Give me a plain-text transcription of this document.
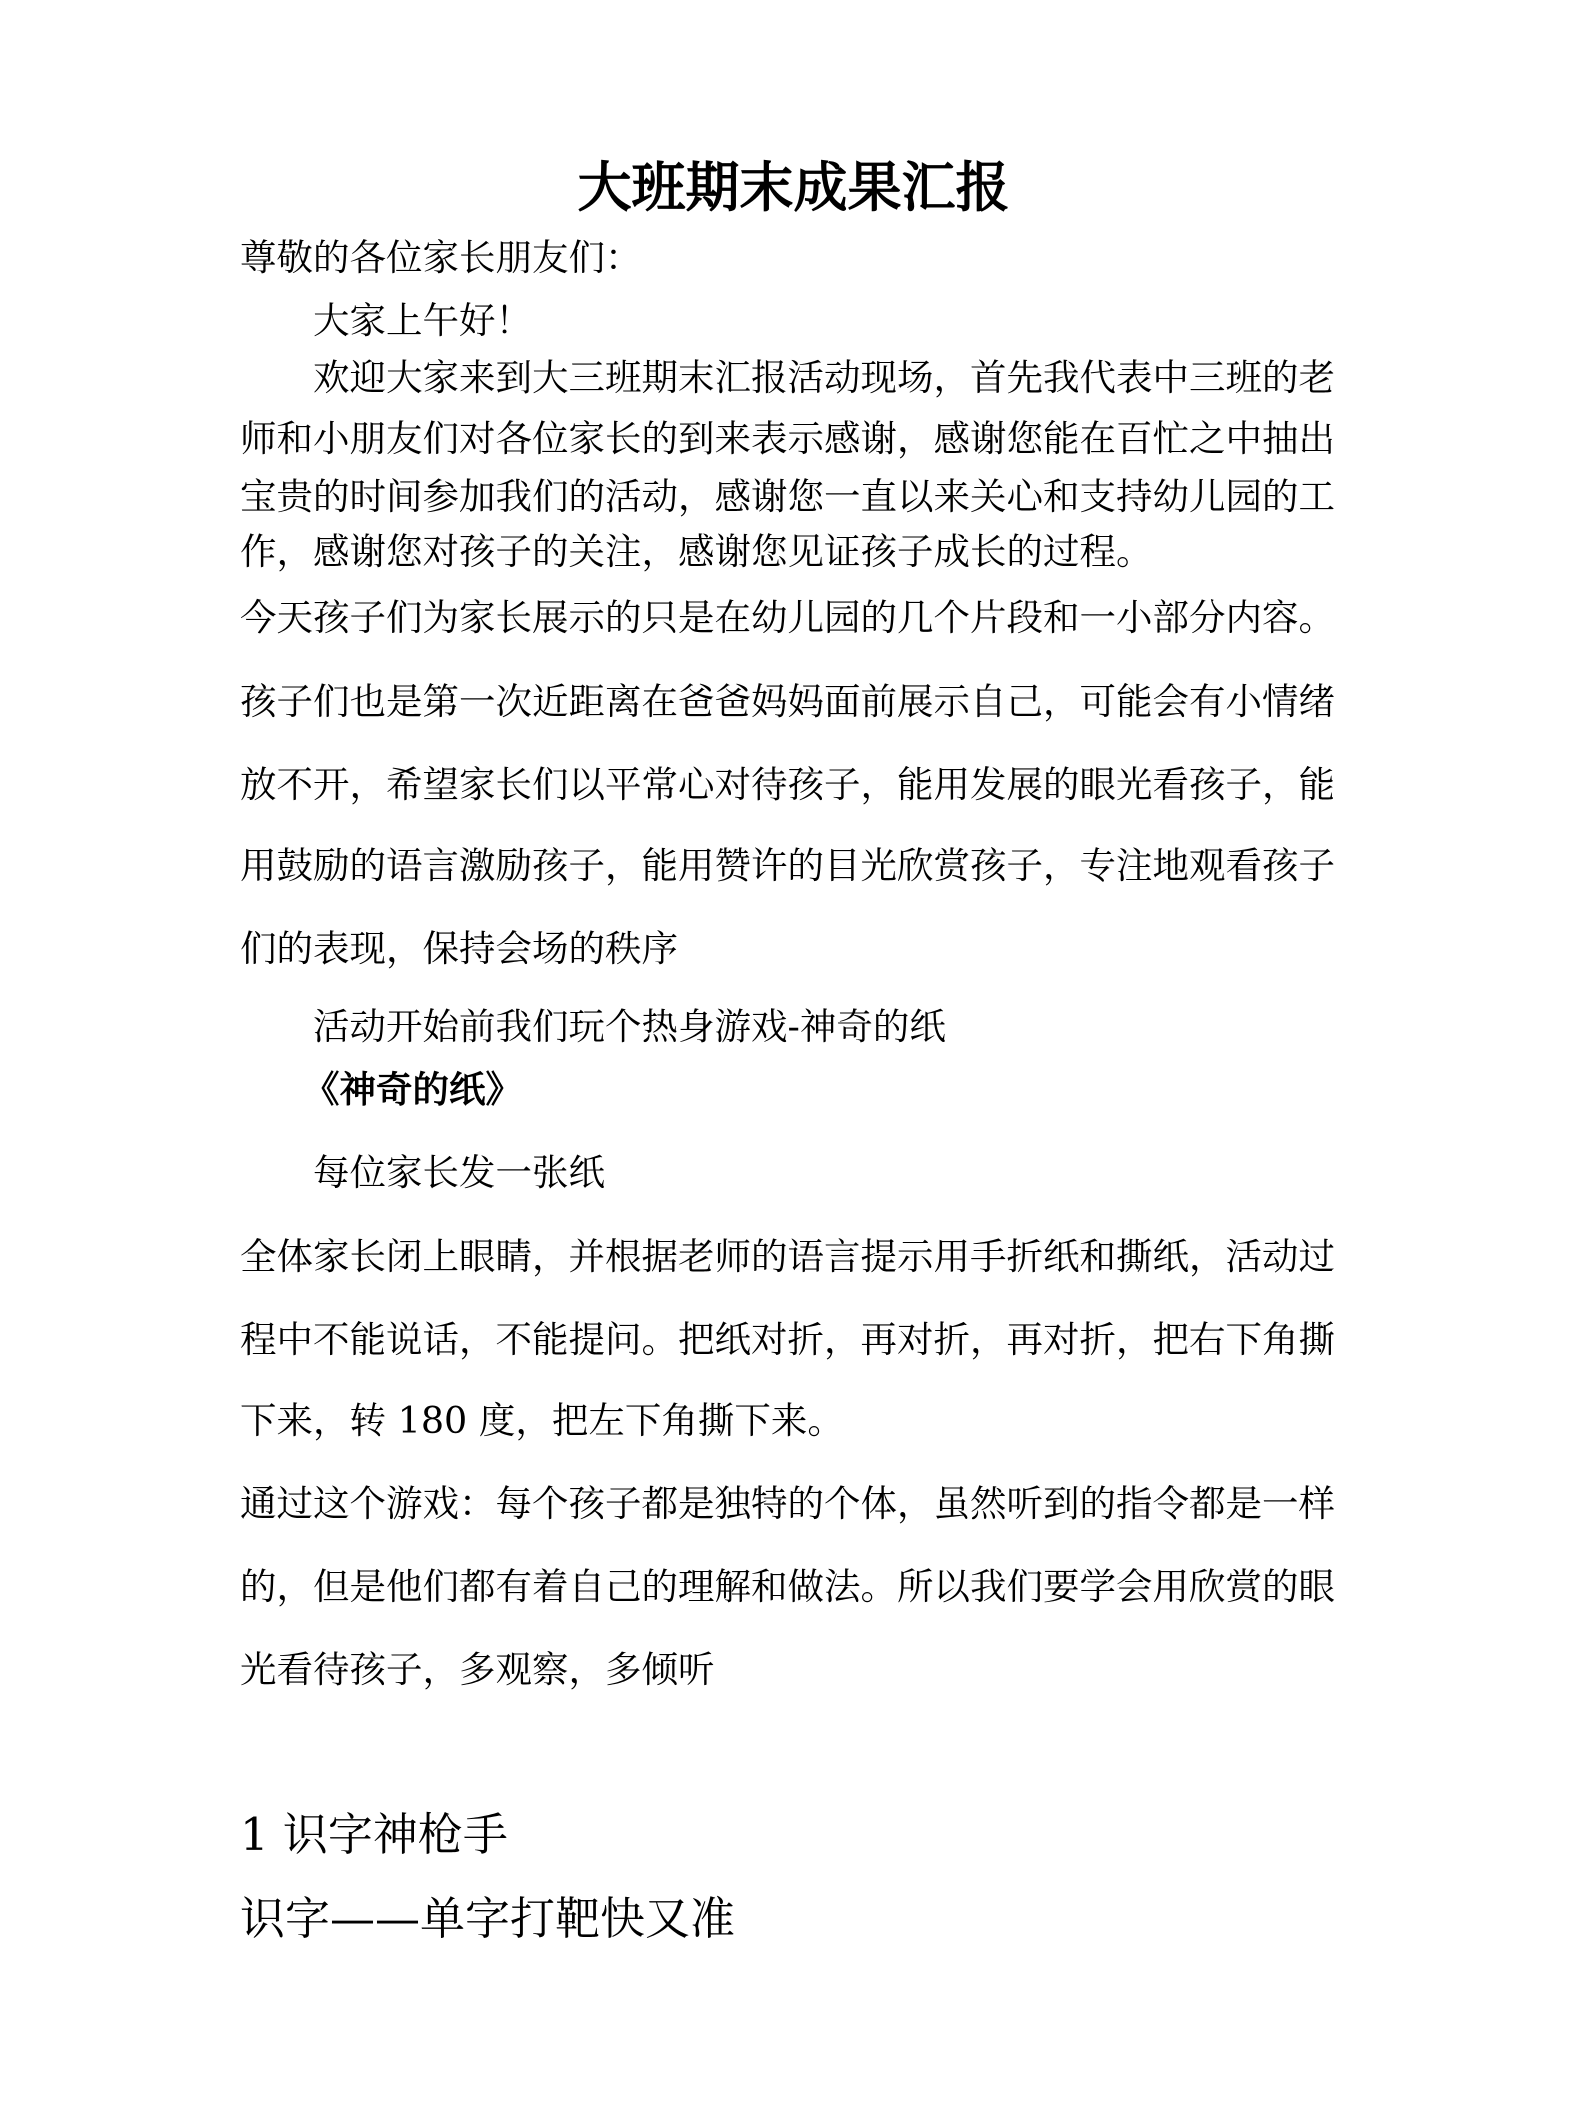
大班期末成果汇报
尊敬的各位家长朋友们：
大家上午好！
欢迎大家来到大三班期末汇报活动现场，首先我代表中三班的老
师和小朋友们对各位家长的到来表示感谢，感谢您能在百忙之中抽出
宝贵的时间参加我们的活动，感谢您一直以来关心和支持幼儿园的工
作，感谢您对孩子的关注，感谢您见证孩子成长的过程。
今天孩子们为家长展示的只是在幼儿园的几个片段和一小部分内容。
孩子们也是第一次近距离在爸爸妈妈面前展示自己，可能会有小情绪
放不开，希望家长们以平常心对待孩子，能用发展的眼光看孩子，能
用鼓励的语言激励孩子，能用赞许的目光欣赏孩子，专注地观看孩子
们的表现，保持会场的秩序
活动开始前我们玩个热身游戏-神奇的纸
《神奇的纸》
每位家长发一张纸
全体家长闭上眼睛，并根据老师的语言提示用手折纸和撕纸，活动过
程中不能说话，不能提问。把纸对折，再对折，再对折，把右下角撕
下来，转 180 度，把左下角撕下来。
通过这个游戏：每个孩子都是独特的个体，虽然听到的指令都是一样
的，但是他们都有着自己的理解和做法。所以我们要学会用欣赏的眼
光看待孩子，多观察，多倾听
1 识字神枪手
识字——单字打靶快又准
